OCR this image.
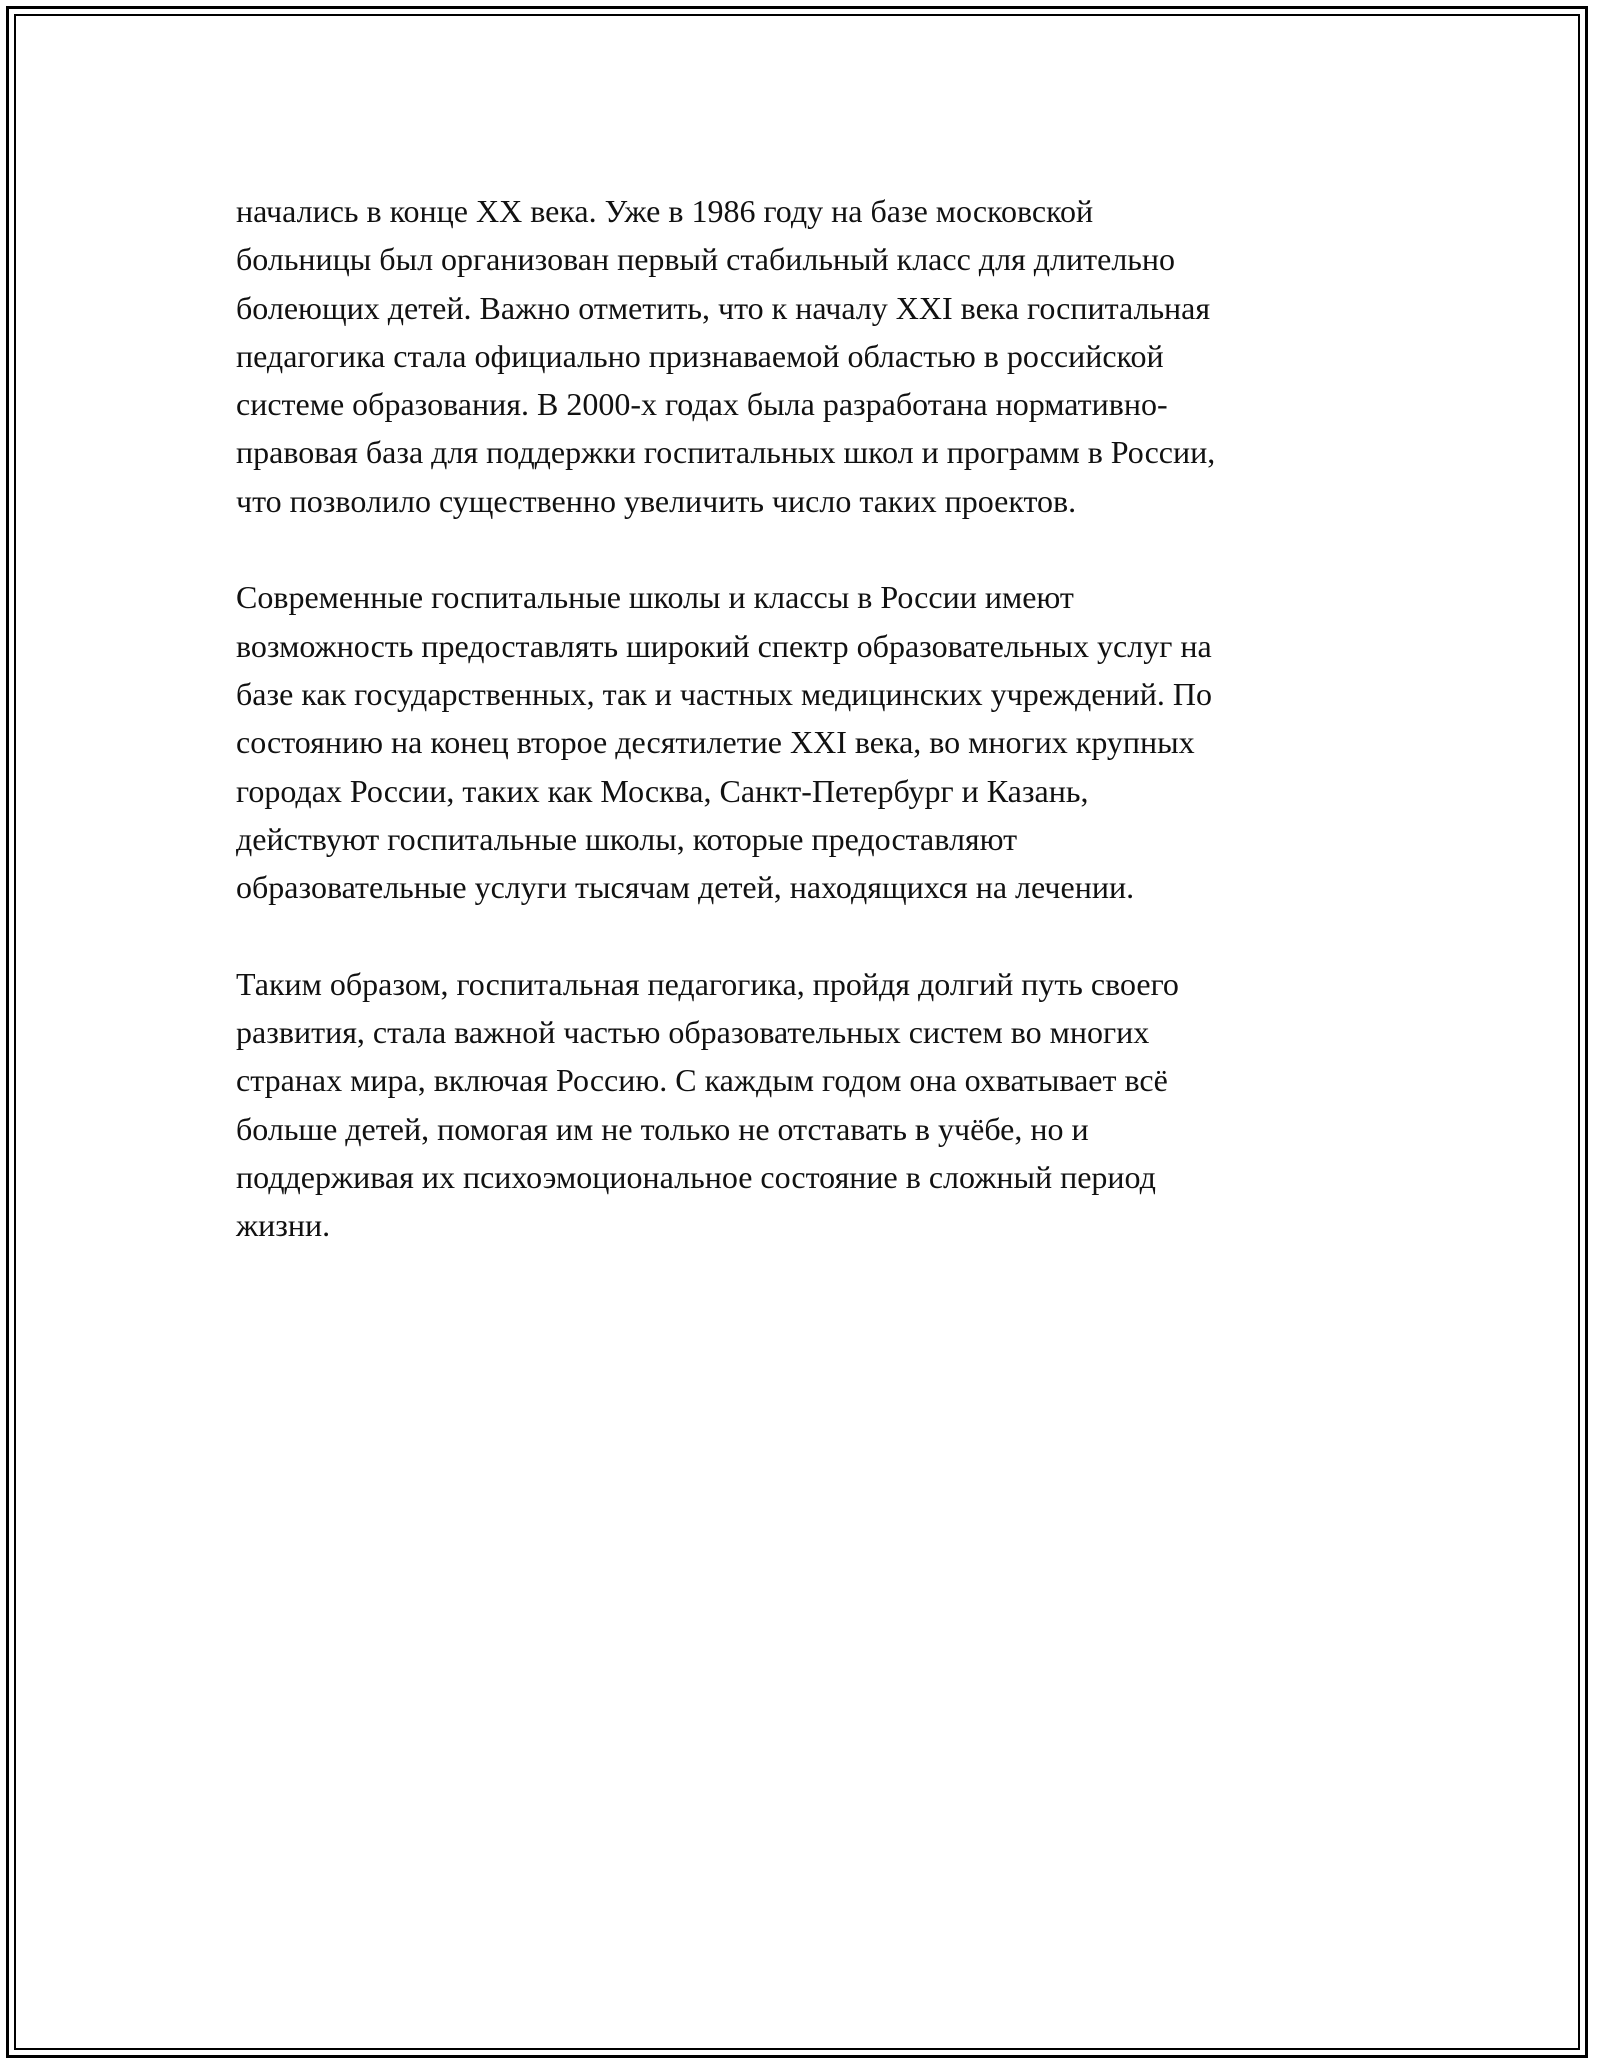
начались в конце XX века. Уже в 1986 году на базе московской
больницы был организован первый стабильный класс для длительно
болеющих детей. Важно отметить, что к началу XXI века госпитальная
педагогика стала официально признаваемой областью в российской
системе образования. В 2000-х годах была разработана нормативно-
правовая база для поддержки госпитальных школ и программ в России,
что позволило существенно увеличить число таких проектов.
Современные госпитальные школы и классы в России имеют
возможность предоставлять широкий спектр образовательных услуг на
базе как государственных, так и частных медицинских учреждений. По
состоянию на конец второе десятилетие XXI века, во многих крупных
городах России, таких как Москва, Санкт-Петербург и Казань,
действуют госпитальные школы, которые предоставляют
образовательные услуги тысячам детей, находящихся на лечении.
Таким образом, госпитальная педагогика, пройдя долгий путь своего
развития, стала важной частью образовательных систем во многих
странах мира, включая Россию. С каждым годом она охватывает всё
больше детей, помогая им не только не отставать в учёбе, но и
поддерживая их психоэмоциональное состояние в сложный период
жизни.
